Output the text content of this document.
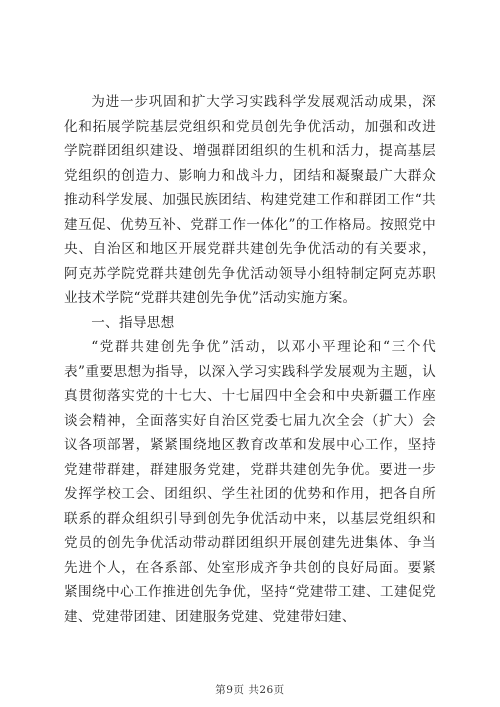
为进一步巩固和扩大学习实践科学发展观活动成果，深化和拓展学院基层党组织和党员创先争优活动，加强和改进学院群团组织建设、增强群团组织的生机和活力，提高基层党组织的创造力、影响力和战斗力，团结和凝聚最广大群众推动科学发展、加强民族团结、构建党建工作和群团工作“共建互促、优势互补、党群工作一体化”的工作格局。按照党中央、自治区和地区开展党群共建创先争优活动的有关要求，阿克苏学院党群共建创先争优活动领导小组特制定阿克苏职业技术学院“党群共建创先争优”活动实施方案。

一、指导思想

“党群共建创先争优”活动，以邓小平理论和“三个代表”重要思想为指导，以深入学习实践科学发展观为主题，认真贯彻落实党的十七大、十七届四中全会和中央新疆工作座谈会精神，全面落实好自治区党委七届九次全会（扩大）会议各项部署，紧紧围绕地区教育改革和发展中心工作，坚持党建带群建，群建服务党建，党群共建创先争优。要进一步发挥学校工会、团组织、学生社团的优势和作用，把各自所联系的群众组织引导到创先争优活动中来，以基层党组织和党员的创先争优活动带动群团组织开展创建先进集体、争当先进个人，在各系部、处室形成齐争共创的良好局面。要紧紧围绕中心工作推进创先争优，坚持“党建带工建、工建促党建、党建带团建、团建服务党建、党建带妇建、

第9页 共26页
